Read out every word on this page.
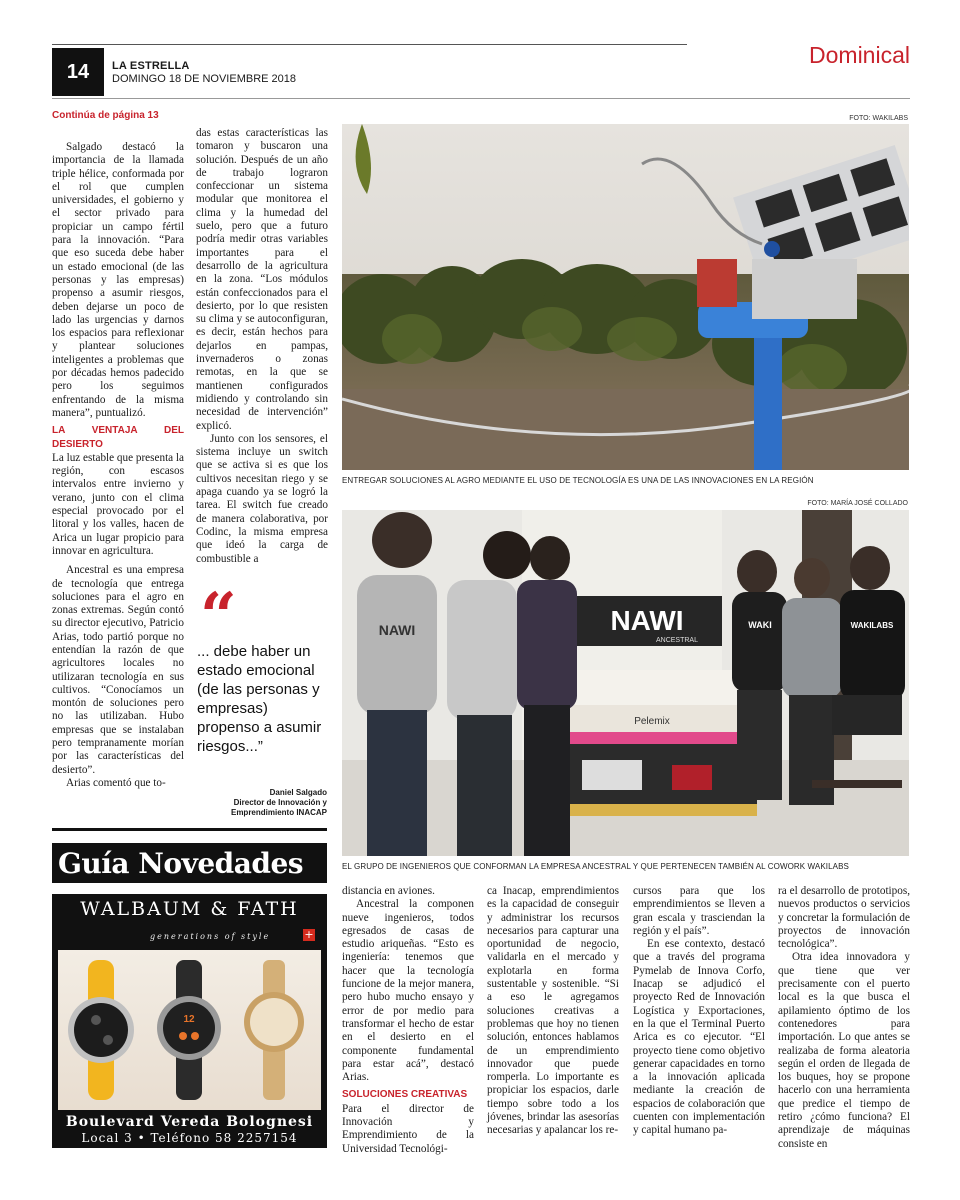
14	LA ESTRELLA
DOMINGO 18 DE NOVIEMBRE 2018
Dominical
Continúa de página 13

Salgado destacó la importancia de la llamada triple hélice, conformada por el rol que cumplen universidades, el gobierno y el sector privado para propiciar un campo fértil para la innovación. “Para que eso suceda debe haber un estado emocional (de las personas y las empresas) propenso a asumir riesgos, deben dejarse un poco de lado las urgencias y darnos los espacios para reflexionar y plantear soluciones inteligentes a problemas que por décadas hemos padecido pero los seguimos enfrentando de la misma manera”, puntualizó.

LA VENTAJA DEL DESIERTO

La luz estable que presenta la región, con escasos intervalos entre invierno y verano, junto con el clima especial provocado por el litoral y los valles, hacen de Arica un lugar propicio para innovar en agricultura.

Ancestral es una empresa de tecnología que entrega soluciones para el agro en zonas extremas. Según contó su director ejecutivo, Patricio Arias, todo partió porque no entendían la razón de que agricultores locales no utilizaran tecnología en sus cultivos. “Conocíamos un montón de soluciones pero no las utilizaban. Hubo empresas que se instalaban pero tempranamente morían por las características del desierto”.

Arias comentó que to-

das estas características las tomaron y buscaron una solución. Después de un año de trabajo lograron confeccionar un sistema modular que monitorea el clima y la humedad del suelo, pero que a futuro podría medir otras variables importantes para el desarrollo de la agricultura en la zona. “Los módulos están confeccionados para el desierto, por lo que resisten su clima y se autoconfiguran, es decir, están hechos para dejarlos en pampas, invernaderos o zonas remotas, en la que se mantienen configurados midiendo y controlando sin necesidad de intervención” explicó.

Junto con los sensores, el sistema incluye un switch que se activa si es que los cultivos necesitan riego y se apaga cuando ya se logró la tarea. El switch fue creado de manera colaborativa, por Codinc, la misma empresa que ideó la carga de combustible a

“
... debe haber un estado emocional (de las personas y empresas) propenso a asumir riesgos...”
Daniel Salgado
Director de Innovación y Emprendimiento INACAP
FOTO: WAKILABS
ENTREGAR SOLUCIONES AL AGRO MEDIANTE EL USO DE TECNOLOGÍA ES UNA DE LAS INNOVACIONES EN LA REGIÓN
FOTO: MARÍA JOSÉ COLLADO
NAWI
ANCESTRAL
Pelemix
NAWI	WAKI	WAKILABS
EL GRUPO DE INGENIEROS QUE CONFORMAN LA EMPRESA ANCESTRAL Y QUE PERTENECEN TAMBIÉN AL COWORK WAKILABS
Guía Novedades
WALBAUM & FATH
generations of style	+
12
Boulevard Vereda Bolognesi
Local 3 • Teléfono 58 2257154

distancia en aviones.

Ancestral la componen nueve ingenieros, todos egresados de casas de estudio ariqueñas. “Esto es ingeniería: tenemos que hacer que la tecnología funcione de la mejor manera, pero hubo mucho ensayo y error de por medio para transformar el hecho de estar en el desierto en el componente fundamental para estar acá”, destacó Arias.

SOLUCIONES CREATIVAS

Para el director de Innovación y Emprendimiento de la Universidad Tecnológi-

ca Inacap, emprendimientos es la capacidad de conseguir y administrar los recursos necesarios para capturar una oportunidad de negocio, validarla en el mercado y explotarla en forma sustentable y sostenible. “Si a eso le agregamos soluciones creativas a problemas que hoy no tienen solución, entonces hablamos de un emprendimiento innovador que puede romperla. Lo importante es propiciar los espacios, darle tiempo sobre todo a los jóvenes, brindar las asesorías necesarias y apalancar los re-

cursos para que los emprendimientos se lleven a gran escala y trasciendan la región y el país”.

En ese contexto, destacó que a través del programa Pymelab de Innova Corfo, Inacap se adjudicó el proyecto Red de Innovación Logística y Exportaciones, en la que el Terminal Puerto Arica es co ejecutor. “El proyecto tiene como objetivo generar capacidades en torno a la innovación aplicada mediante la creación de espacios de colaboración que cuenten con implementación y capital humano pa-

ra el desarrollo de prototipos, nuevos productos o servicios y concretar la formulación de proyectos de innovación tecnológica”.

Otra idea innovadora y que tiene que ver precisamente con el puerto local es la que busca el apilamiento óptimo de los contenedores para importación. Lo que antes se realizaba de forma aleatoria según el orden de llegada de los buques, hoy se propone hacerlo con una herramienta que predice el tiempo de retiro ¿cómo funciona? El aprendizaje de máquinas consiste en
